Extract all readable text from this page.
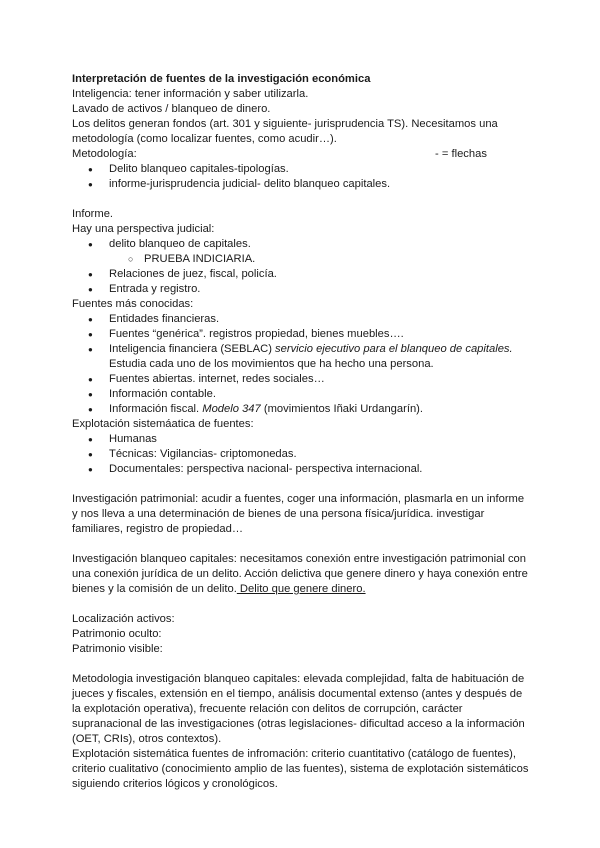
Interpretación de fuentes de la investigación económica
Inteligencia: tener información y saber utilizarla.
Lavado de activos / blanqueo de dinero.
Los delitos generan fondos (art. 301 y siguiente- jurisprudencia TS). Necesitamos una
metodología (como localizar fuentes, como acudir…).
Metodología:	- = flechas
● Delito blanqueo capitales-tipologías.
● informe-jurisprudencia judicial- delito blanqueo capitales.
Informe.
Hay una perspectiva judicial:
● delito blanqueo de capitales.
○ PRUEBA INDICIARIA.
● Relaciones de juez, fiscal, policía.
● Entrada y registro.
Fuentes más conocidas:
● Entidades financieras.
● Fuentes “genérica”. registros propiedad, bienes muebles….
● Inteligencia financiera (SEBLAC) servicio ejecutivo para el blanqueo de capitales.
Estudia cada uno de los movimientos que ha hecho una persona.
● Fuentes abiertas. internet, redes sociales…
● Información contable.
● Información fiscal. Modelo 347 (movimientos Iñaki Urdangarín).
Explotación sistemáatica de fuentes:
● Humanas
● Técnicas: Vigilancias- criptomonedas.
● Documentales: perspectiva nacional- perspectiva internacional.
Investigación patrimonial: acudir a fuentes, coger una información, plasmarla en un informe
y nos lleva a una determinación de bienes de una persona física/jurídica. investigar
familiares, registro de propiedad…
Investigación blanqueo capitales: necesitamos conexión entre investigación patrimonial con
una conexión jurídica de un delito. Acción delictiva que genere dinero y haya conexión entre
bienes y la comisión de un delito. Delito que genere dinero.
Localización activos:
Patrimonio oculto:
Patrimonio visible:
Metodologia investigación blanqueo capitales: elevada complejidad, falta de habituación de
jueces y fiscales, extensión en el tiempo, análisis documental extenso (antes y después de
la explotación operativa), frecuente relación con delitos de corrupción, carácter
supranacional de las investigaciones (otras legislaciones- dificultad acceso a la información
(OET, CRIs), otros contextos).
Explotación sistemática fuentes de infromación: criterio cuantitativo (catálogo de fuentes),
criterio cualitativo (conocimiento amplio de las fuentes), sistema de explotación sistemáticos
siguiendo criterios lógicos y cronológicos.
